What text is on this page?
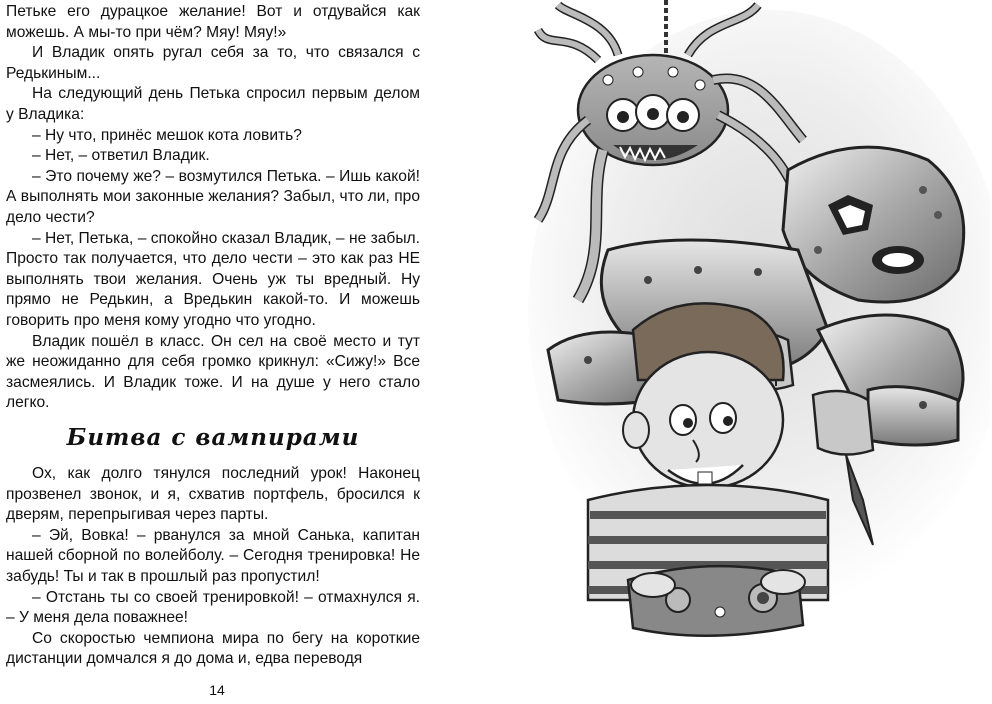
Петьке его дурацкое желание! Вот и отдувайся как можешь. А мы-то при чём? Мяу! Мяу!»

И Владик опять ругал себя за то, что связался с Редькиным...

На следующий день Петька спросил первым делом у Владика:

– Ну что, принёс мешок кота ловить?

– Нет, – ответил Владик.

– Это почему же? – возмутился Петька. – Ишь какой! А выполнять мои законные желания? Забыл, что ли, про дело чести?

– Нет, Петька, – спокойно сказал Владик, – не забыл. Просто так получается, что дело чести – это как раз НЕ выполнять твои желания. Очень уж ты вредный. Ну прямо не Редькин, а Вредькин какой-то. И можешь говорить про меня кому угодно что угодно.

Владик пошёл в класс. Он сел на своё место и тут же неожиданно для себя громко крикнул: «Сижу!» Все засмеялись. И Владик тоже. И на душе у него стало легко.

Битва с вампирами

Ох, как долго тянулся последний урок! Наконец прозвенел звонок, и я, схватив портфель, бросился к дверям, перепрыгивая через парты.

– Эй, Вовка! – рванулся за мной Санька, капитан нашей сборной по волейболу. – Сегодня тренировка! Не забудь! Ты и так в прошлый раз пропустил!

– Отстань ты со своей тренировкой! – отмахнулся я. – У меня дела поважнее!

Со скоростью чемпиона мира по бегу на короткие дистанции домчался я до дома и, едва переводя

14
